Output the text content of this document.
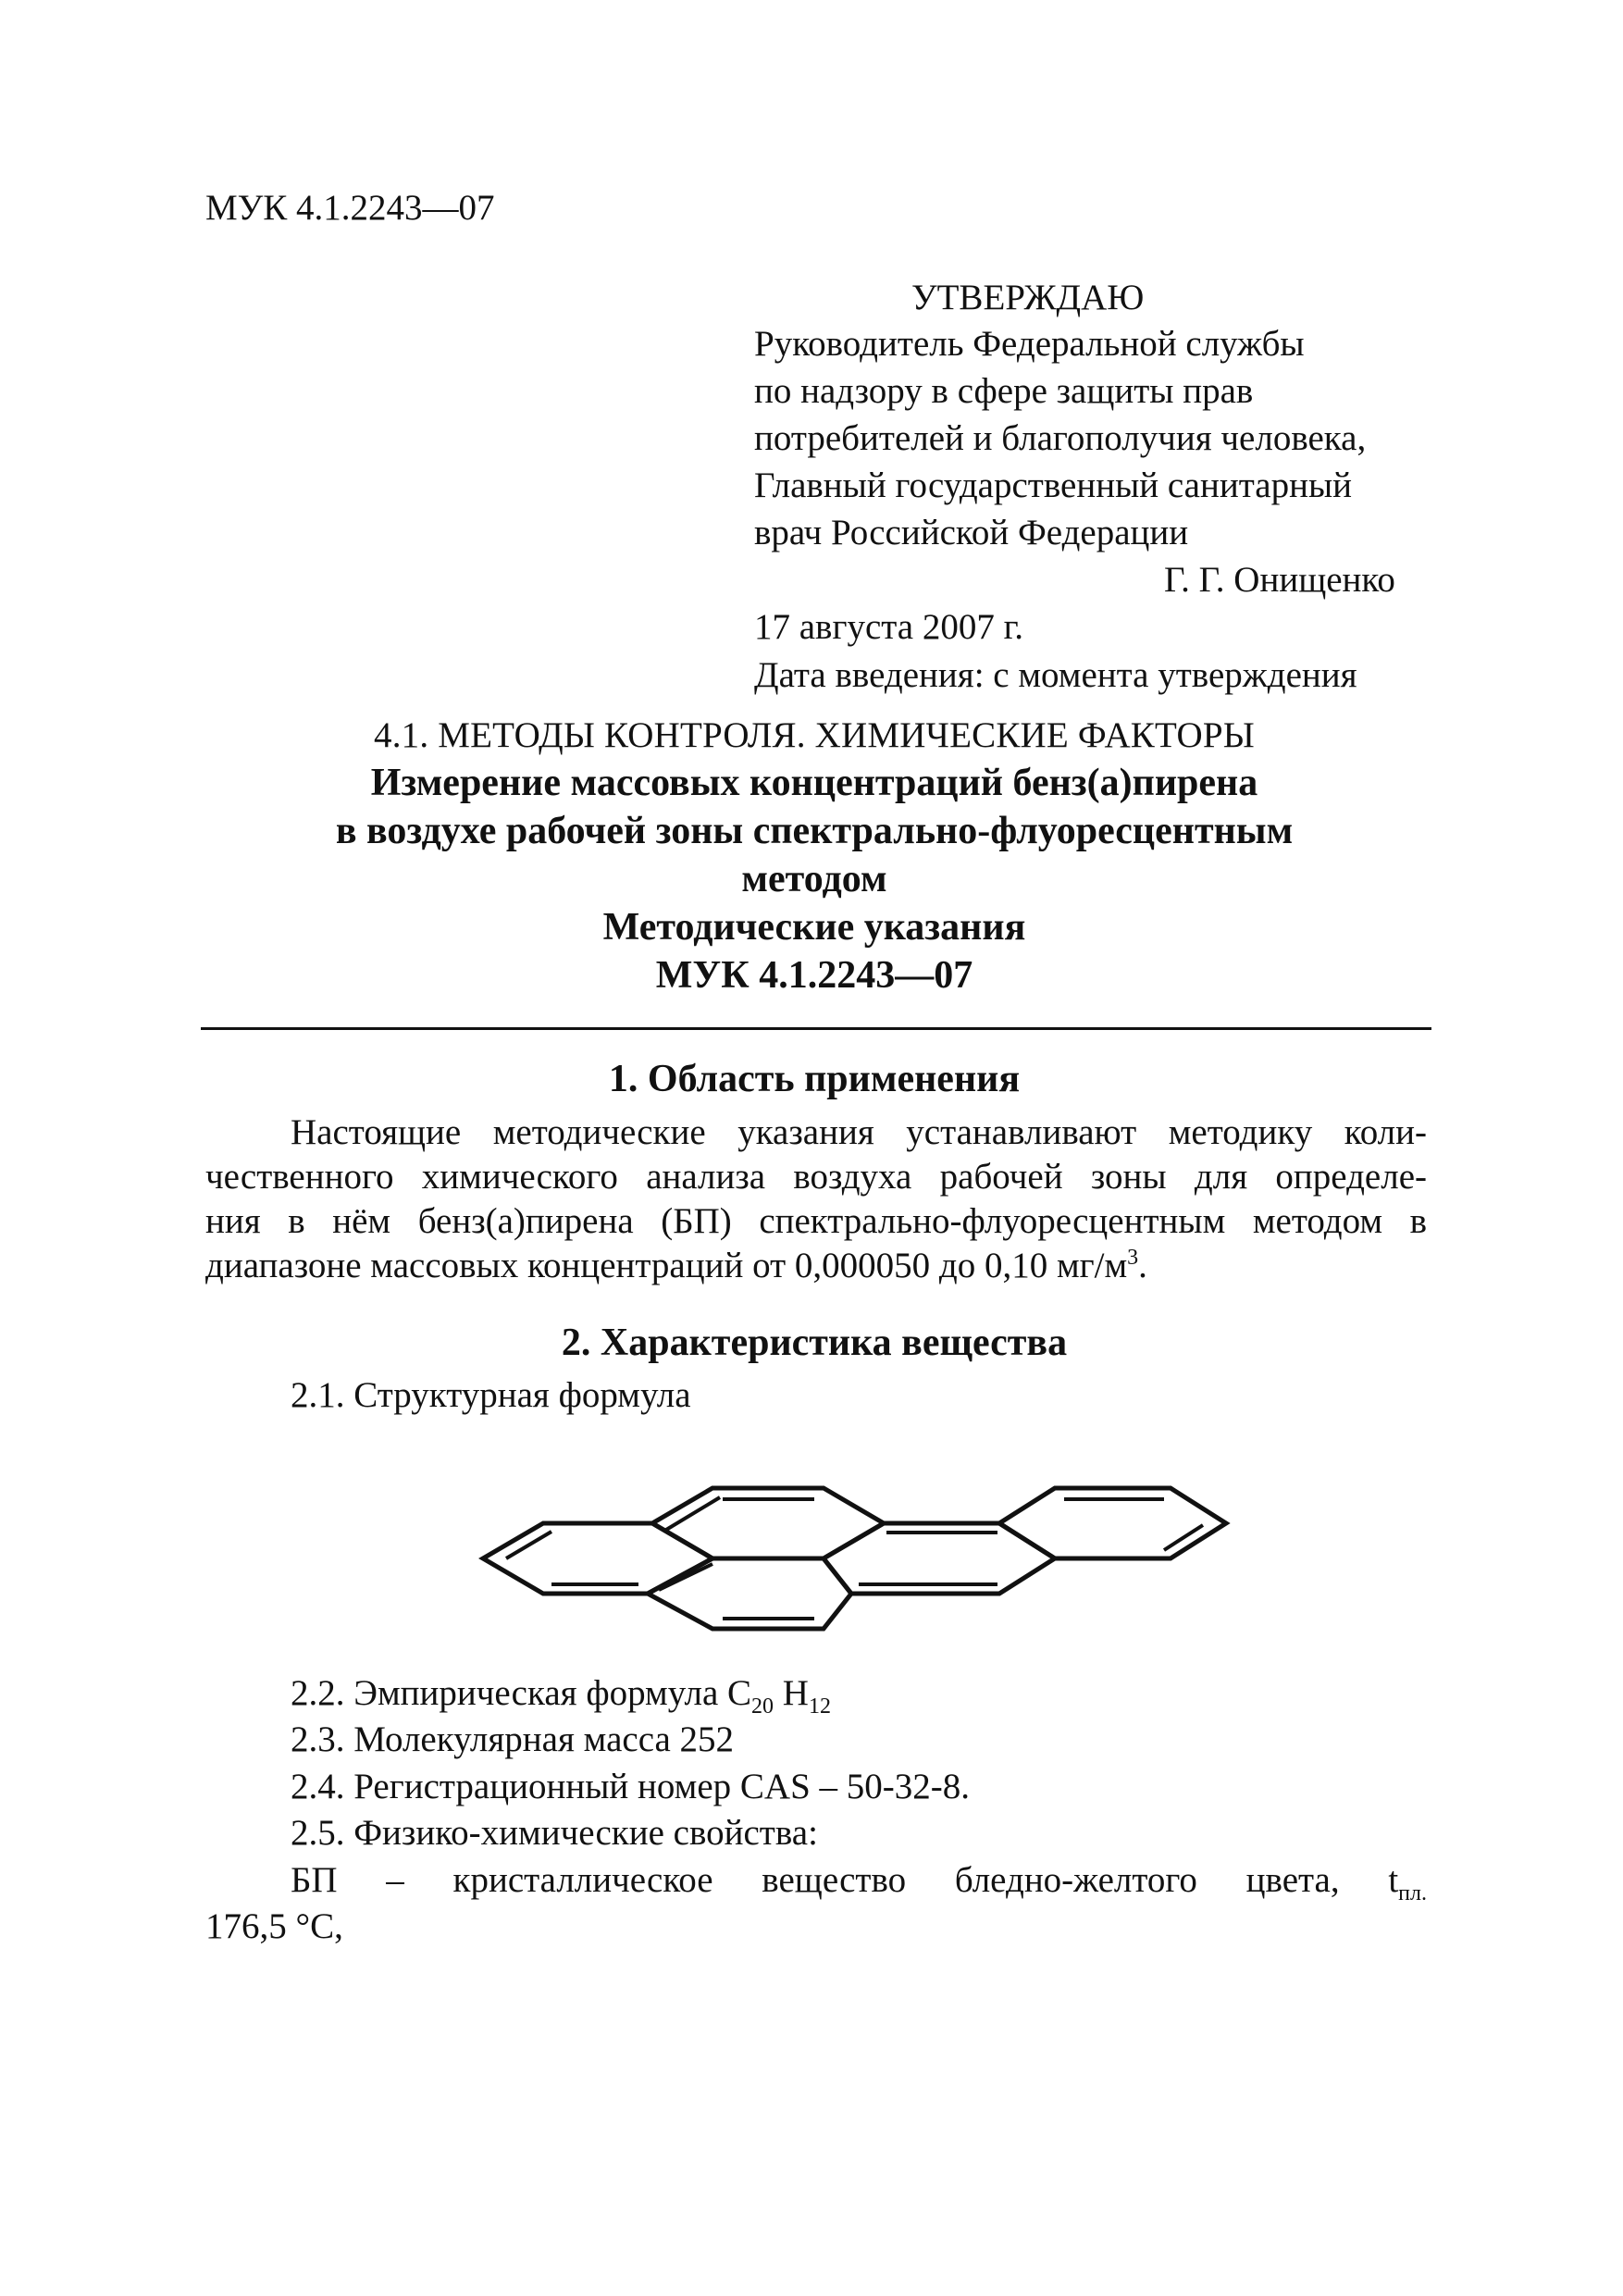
МУК 4.1.2243—07
УТВЕРЖДАЮ
Руководитель Федеральной службы
по надзору в сфере защиты прав
потребителей и благополучия человека,
Главный государственный санитарный
врач Российской Федерации
Г. Г. Онищенко
17 августа 2007 г.
Дата введения: с момента утверждения
4.1. МЕТОДЫ КОНТРОЛЯ. ХИМИЧЕСКИЕ ФАКТОРЫ
Измерение массовых концентраций бенз(а)пирена
в воздухе рабочей зоны спектрально-флуоресцентным
методом
Методические указания
МУК 4.1.2243—07
1. Область применения
Настоящие методические указания устанавливают методику коли-
чественного химического анализа воздуха рабочей зоны для определе-
ния в нём бенз(а)пирена (БП) спектрально-флуоресцентным методом в
диапазоне массовых концентраций от 0,000050 до 0,10 $мг/м^3$.
2. Характеристика вещества
2.1. Структурная формула
2.2. Эмпирическая формула $C_{20}$ $H_{12}$
2.3. Молекулярная масса 252
2.4. Регистрационный номер CAS – 50-32-8.
2.5. Физико-химические свойства:
БП – кристаллическое вещество бледно-желтого цвета, $t_{пл.}$
176,5 °С,
